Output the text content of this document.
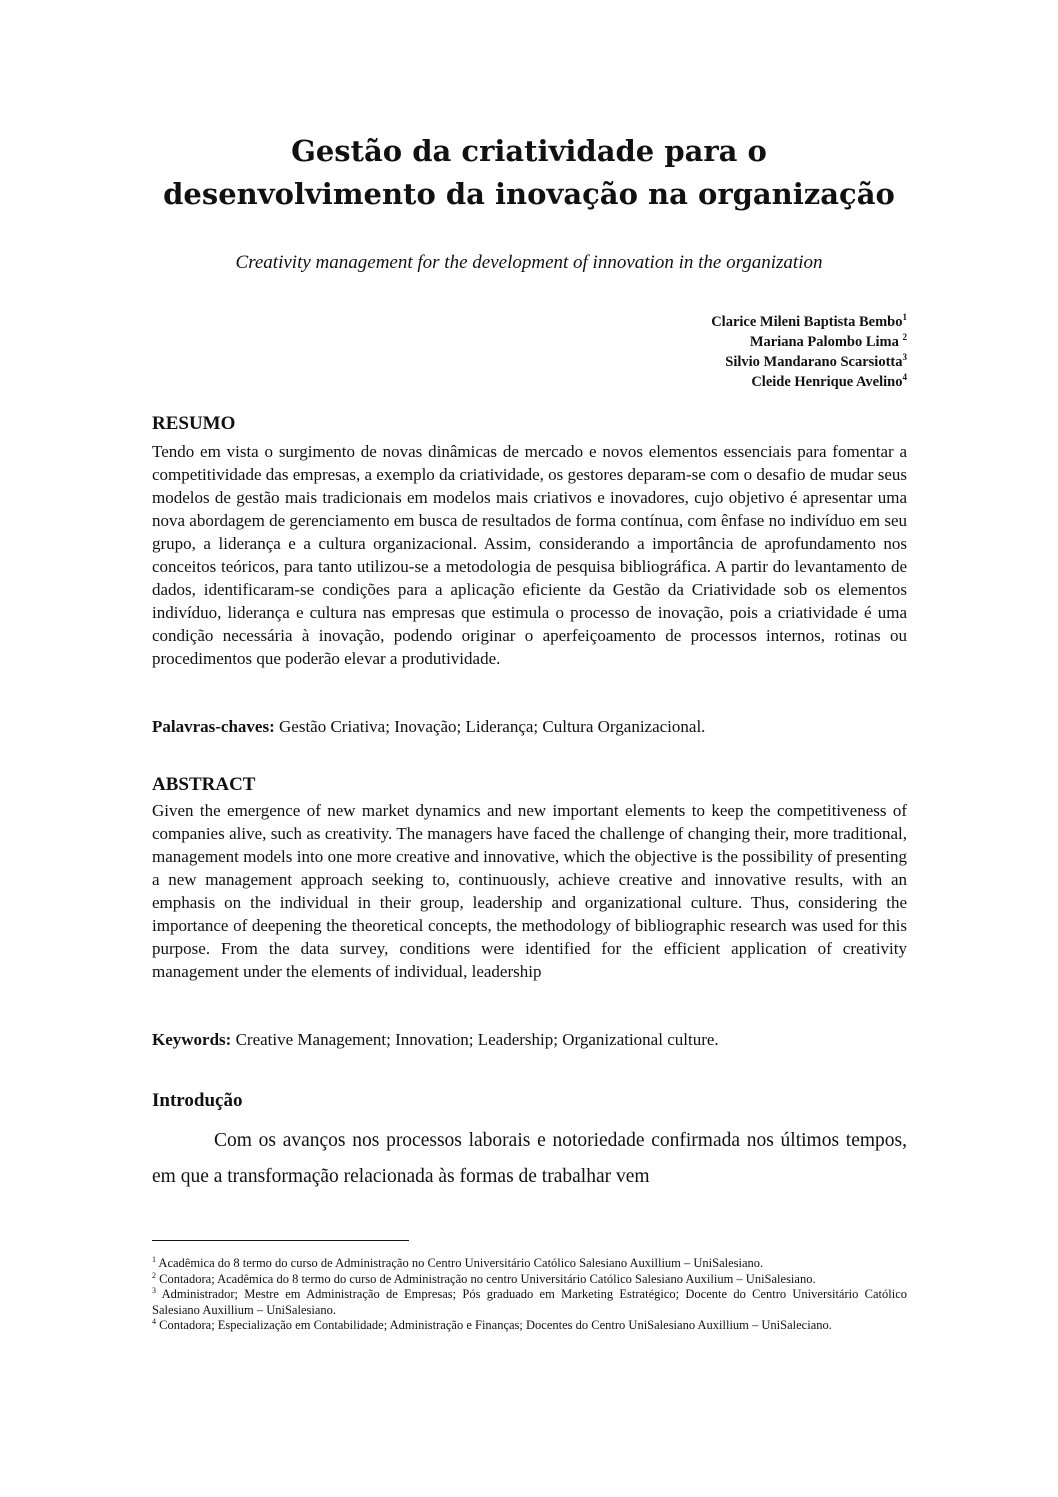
Gestão da criatividade para o
desenvolvimento da inovação na organização

Creativity management for the development of innovation in the organization

Clarice Mileni Baptista Bembo$^1$
Mariana Palombo Lima $^2$
Silvio Mandarano Scarsiotta$^3$
Cleide Henrique Avelino$^4$
RESUMO

Tendo em vista o surgimento de novas dinâmicas de mercado e novos elementos essenciais para fomentar a competitividade das empresas, a exemplo da criatividade, os gestores deparam-se com o desafio de mudar seus modelos de gestão mais tradicionais em modelos mais criativos e inovadores, cujo objetivo é apresentar uma nova abordagem de gerenciamento em busca de resultados de forma contínua, com ênfase no indivíduo em seu grupo, a liderança e a cultura organizacional. Assim, considerando a importância de aprofundamento nos conceitos teóricos, para tanto utilizou-se a metodologia de pesquisa bibliográfica. A partir do levantamento de dados, identificaram-se condições para a aplicação eficiente da Gestão da Criatividade sob os elementos indivíduo, liderança e cultura nas empresas que estimula o processo de inovação, pois a criatividade é uma condição necessária à inovação, podendo originar o aperfeiçoamento de processos internos, rotinas ou procedimentos que poderão elevar a produtividade.

Palavras-chaves: Gestão Criativa; Inovação; Liderança; Cultura Organizacional.

ABSTRACT

Given the emergence of new market dynamics and new important elements to keep the competitiveness of companies alive, such as creativity. The managers have faced the challenge of changing their, more traditional, management models into one more creative and innovative, which the objective is the possibility of presenting a new management approach seeking to, continuously, achieve creative and innovative results, with an emphasis on the individual in their group, leadership and organizational culture. Thus, considering the importance of deepening the theoretical concepts, the methodology of bibliographic research was used for this purpose. From the data survey, conditions were identified for the efficient application of creativity management under the elements of individual, leadership

Keywords: Creative Management; Innovation; Leadership; Organizational culture.

Introdução

Com os avanços nos processos laborais e notoriedade confirmada nos últimos tempos, em que a transformação relacionada às formas de trabalhar vem

$^1$ Acadêmica do 8 termo do curso de Administração no Centro Universitário Católico Salesiano Auxillium – UniSalesiano.

$^2$ Contadora; Acadêmica do 8 termo do curso de Administração no centro Universitário Católico Salesiano Auxilium – UniSalesiano.

$^3$ Administrador; Mestre em Administração de Empresas; Pós graduado em Marketing Estratégico; Docente do Centro Universitário Católico Salesiano Auxillium – UniSalesiano.

$^4$ Contadora; Especialização em Contabilidade; Administração e Finanças; Docentes do Centro UniSalesiano Auxillium – UniSaleciano.
